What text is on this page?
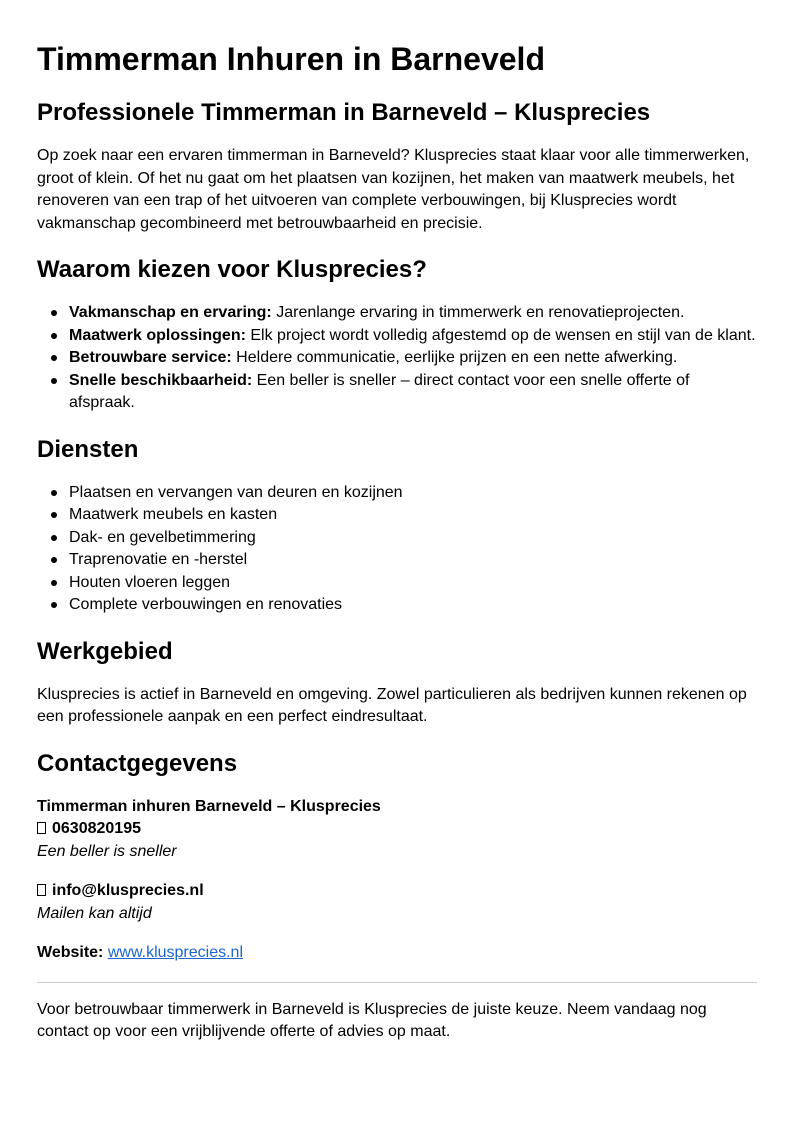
Timmerman Inhuren in Barneveld
Professionele Timmerman in Barneveld – Klusprecies

Op zoek naar een ervaren timmerman in Barneveld? Klusprecies staat klaar voor alle timmerwerken, groot of klein. Of het nu gaat om het plaatsen van kozijnen, het maken van maatwerk meubels, het renoveren van een trap of het uitvoeren van complete verbouwingen, bij Klusprecies wordt vakmanschap gecombineerd met betrouwbaarheid en precisie.

Waarom kiezen voor Klusprecies?
Vakmanschap en ervaring: Jarenlange ervaring in timmerwerk en renovatieprojecten.
Maatwerk oplossingen: Elk project wordt volledig afgestemd op de wensen en stijl van de klant.
Betrouwbare service: Heldere communicatie, eerlijke prijzen en een nette afwerking.
Snelle beschikbaarheid: Een beller is sneller – direct contact voor een snelle offerte of afspraak.
Diensten
Plaatsen en vervangen van deuren en kozijnen
Maatwerk meubels en kasten
Dak- en gevelbetimmering
Traprenovatie en -herstel
Houten vloeren leggen
Complete verbouwingen en renovaties
Werkgebied

Klusprecies is actief in Barneveld en omgeving. Zowel particulieren als bedrijven kunnen rekenen op een professionele aanpak en een perfect eindresultaat.

Contactgegevens

Timmerman inhuren Barneveld – Klusprecies
0630820195
Een beller is sneller

info@klusprecies.nl
Mailen kan altijd

Website: www.klusprecies.nl

Voor betrouwbaar timmerwerk in Barneveld is Klusprecies de juiste keuze. Neem vandaag nog contact op voor een vrijblijvende offerte of advies op maat.
